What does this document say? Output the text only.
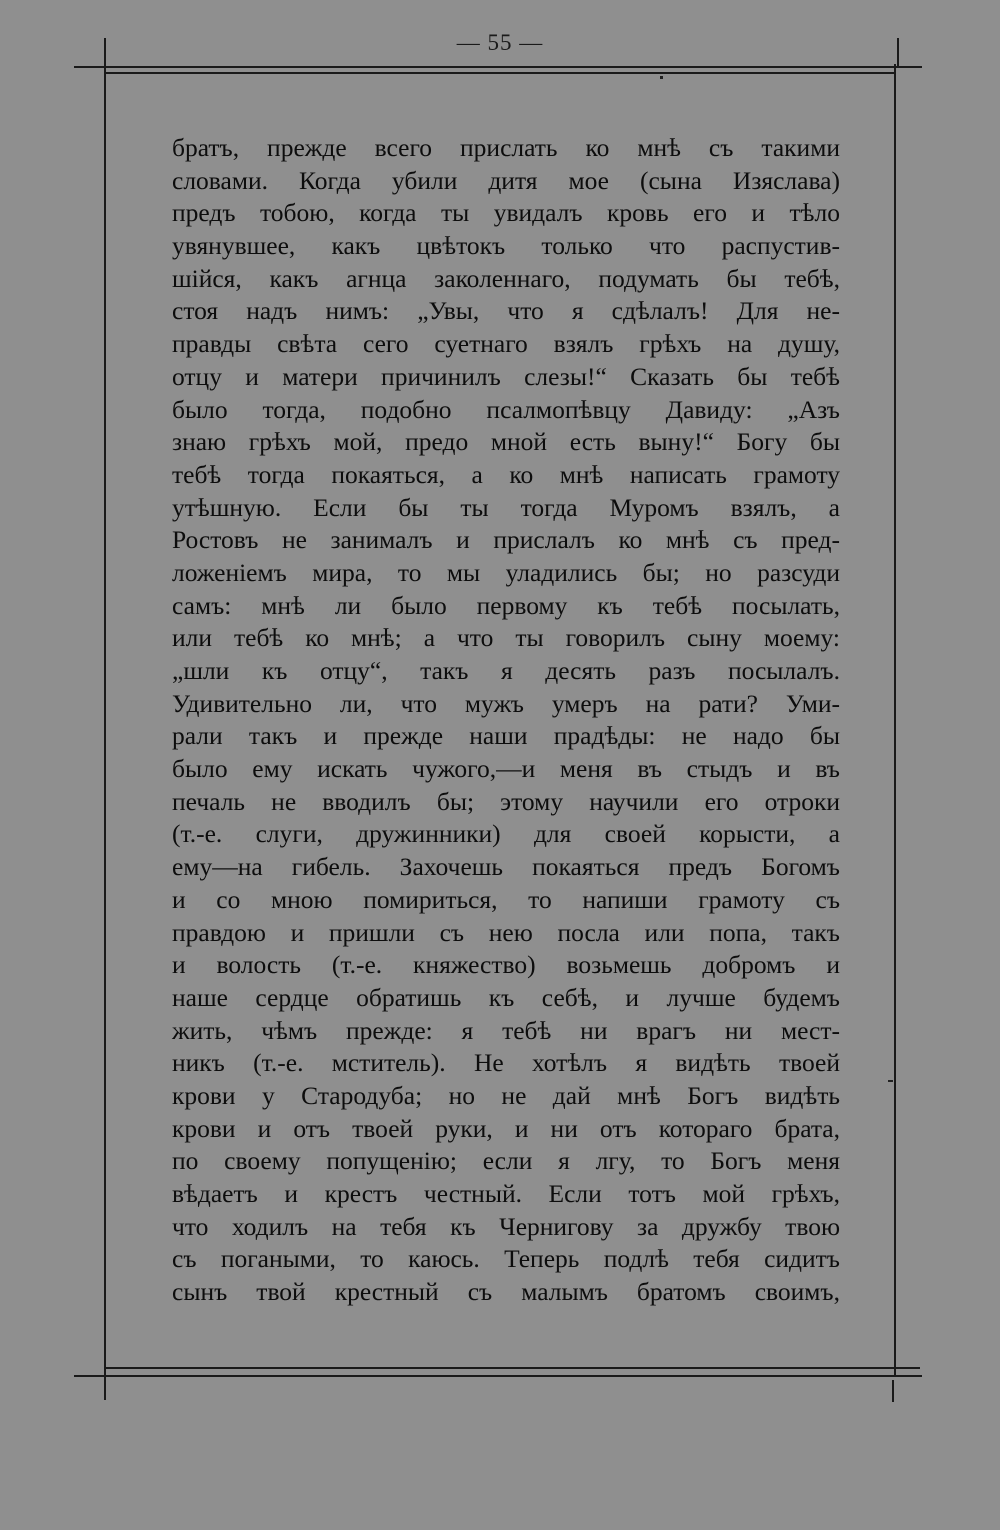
— 55 —
братъ, прежде всего прислать ко мнѣ съ такими
словами. Когда убили дитя мое (сына Изяслава)
предъ тобою, когда ты увидалъ кровь его и тѣло
увянувшее, какъ цвѣтокъ только что распустив-
шійся, какъ агнца заколеннаго, подумать бы тебѣ,
стоя надъ нимъ: „Увы, что я сдѣлалъ! Для не-
правды свѣта сего суетнаго взялъ грѣхъ на душу,
отцу и матери причинилъ слезы!“ Сказать бы тебѣ
было тогда, подобно псалмопѣвцу Давиду: „Азъ
знаю грѣхъ мой, предо мной есть выну!“ Богу бы
тебѣ тогда покаяться, а ко мнѣ написать грамоту
утѣшную. Если бы ты тогда Муромъ взялъ, а
Ростовъ не занималъ и прислалъ ко мнѣ съ пред-
ложеніемъ мира, то мы уладились бы; но разсуди
самъ: мнѣ ли было первому къ тебѣ посылать,
или тебѣ ко мнѣ; а что ты говорилъ сыну моему:
„шли къ отцу“, такъ я десять разъ посылалъ.
Удивительно ли, что мужъ умеръ на рати? Уми-
рали такъ и прежде наши прадѣды: не надо бы
было ему искать чужого,—и меня въ стыдъ и въ
печаль не вводилъ бы; этому научили его отроки
(т.-е. слуги, дружинники) для своей корысти, а
ему—на гибель. Захочешь покаяться предъ Богомъ
и со мною помириться, то напиши грамоту съ
правдою и пришли съ нею посла или попа, такъ
и волость (т.-е. княжество) возьмешь добромъ и
наше сердце обратишь къ себѣ, и лучше будемъ
жить, чѣмъ прежде: я тебѣ ни врагъ ни мест-
никъ (т.-е. мститель). Не хотѣлъ я видѣть твоей
крови у Стародуба; но не дай мнѣ Богъ видѣть
крови и отъ твоей руки, и ни отъ котораго брата,
по своему попущенію; если я лгу, то Богъ меня
вѣдаетъ и крестъ честный. Если тотъ мой грѣхъ,
что ходилъ на тебя къ Чернигову за дружбу твою
съ погаными, то каюсь. Теперь подлѣ тебя сидитъ
сынъ твой крестный съ малымъ братомъ своимъ,
